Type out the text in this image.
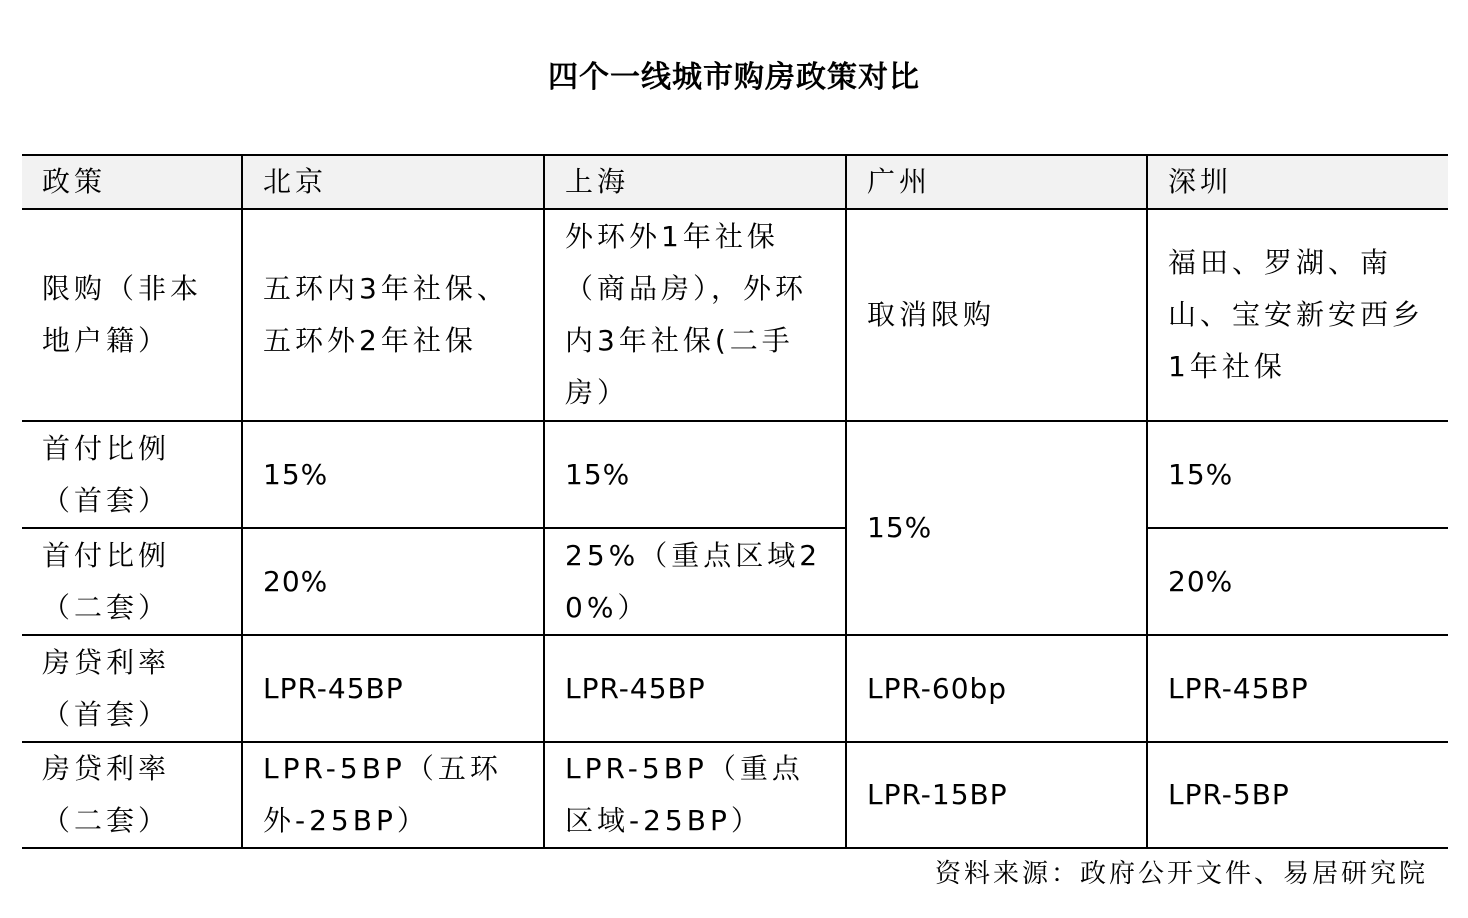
四个一线城市购房政策对比
政策	北京	上海	广州	深圳

限购（非本地户籍）	五环内3年社保、五环外2年社保	外环外1年社保（商品房），外环内3年社保(二手房）	取消限购	福田、罗湖、南山、宝安新安西乡1年社保

首付比例（首套）	15%	15%	15%	15%

首付比例（二套）	20%	25%（重点区域20%）		20%

房贷利率（首套）	LPR-45BP	LPR-45BP	LPR-60bp	LPR-45BP

房贷利率（二套）	LPR-5BP（五环外-25BP）	LPR-5BP（重点区域-25BP）	LPR-15BP	LPR-5BP
资料来源：政府公开文件、易居研究院
